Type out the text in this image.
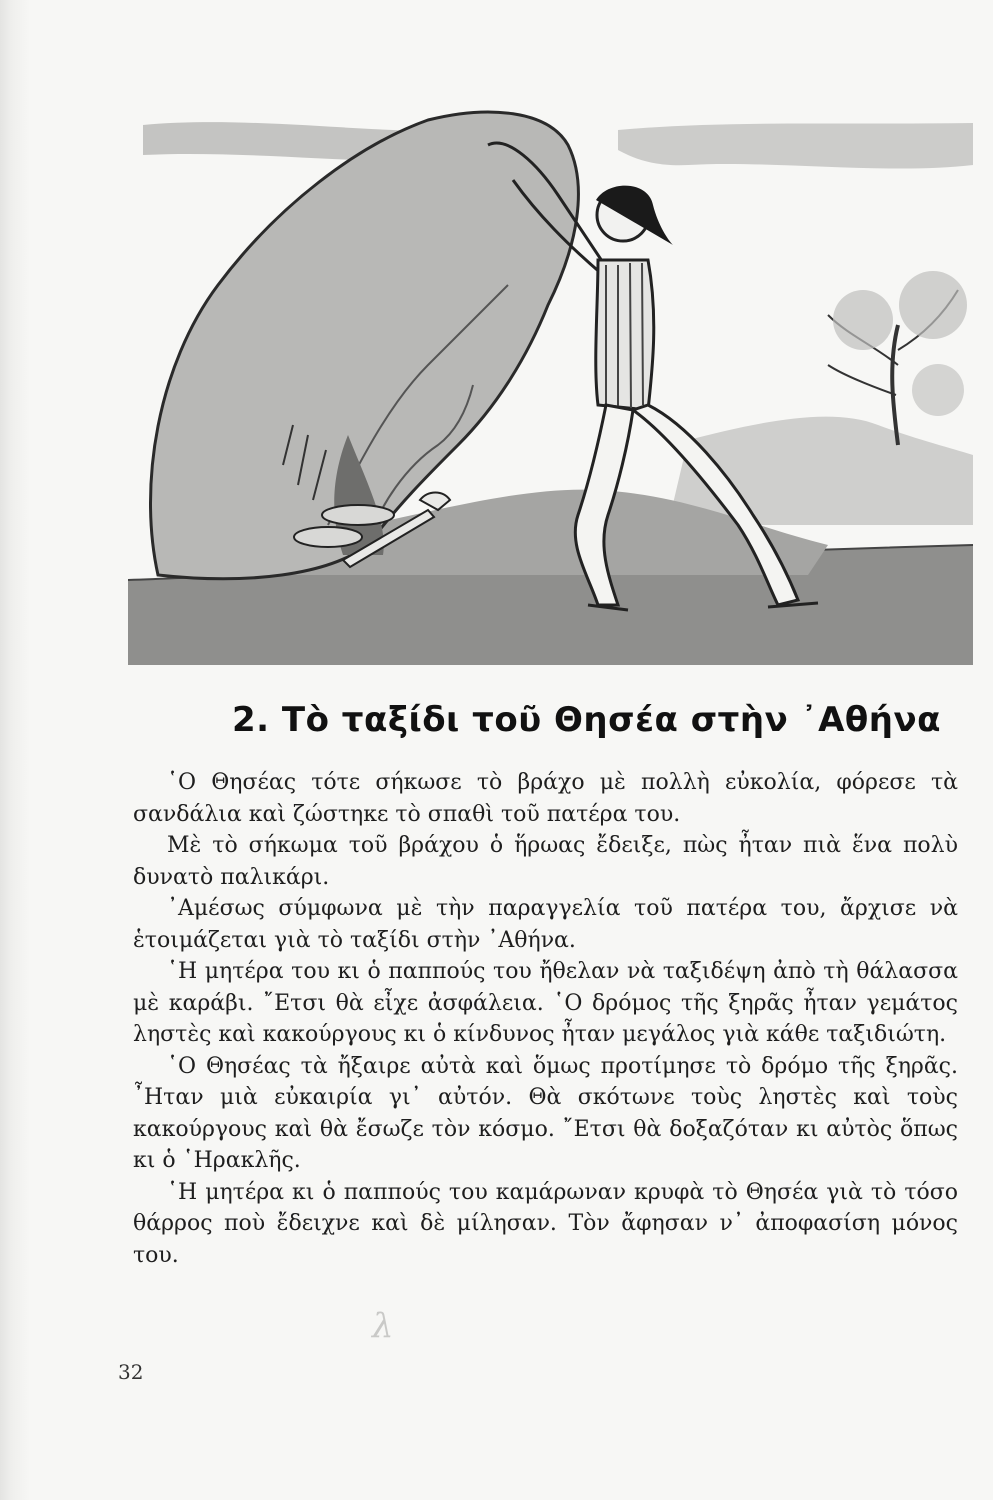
2. Τὸ ταξίδι τοῦ Θησέα στὴν ᾽Αθήνα

῾Ο Θησέας τότε σήκωσε τὸ βράχο μὲ πολλὴ εὐκολία, φόρεσε τὰ σανδάλια καὶ ζώστηκε τὸ σπαθὶ τοῦ πατέρα του.

Μὲ τὸ σήκωμα τοῦ βράχου ὁ ἥρωας ἔδειξε, πὼς ἦταν πιὰ ἕνα πολὺ δυνατὸ παλικάρι.

᾽Αμέσως σύμφωνα μὲ τὴν παραγγελία τοῦ πατέρα του, ἄρχισε νὰ ἑτοιμάζεται γιὰ τὸ ταξίδι στὴν ᾽Αθήνα.

῾Η μητέρα του κι ὁ παππούς του ἤθελαν νὰ ταξιδέψη ἀπὸ τὴ θάλασσα μὲ καράβι. ῎Ετσι θὰ εἶχε ἀσφάλεια. ῾Ο δρόμος τῆς ξηρᾶς ἦταν γεμάτος ληστὲς καὶ κακούργους κι ὁ κίνδυνος ἦταν μεγάλος γιὰ κάθε ταξιδιώτη.

῾Ο Θησέας τὰ ἤξαιρε αὐτὰ καὶ ὅμως προτίμησε τὸ δρόμο τῆς ξηρᾶς. ῏Ηταν μιὰ εὐκαιρία γι᾽ αὐτόν. Θὰ σκότωνε τοὺς ληστὲς καὶ τοὺς κακούργους καὶ θὰ ἔσωζε τὸν κόσμο. ῎Ετσι θὰ δοξαζόταν κι αὐτὸς ὅπως κι ὁ ῾Ηρακλῆς.

῾Η μητέρα κι ὁ παππούς του καμάρωναν κρυφὰ τὸ Θησέα γιὰ τὸ τόσο θάρρος ποὺ ἔδειχνε καὶ δὲ μίλησαν. Τὸν ἄφησαν ν᾽ ἀποφασίση μόνος του.

λ
32
